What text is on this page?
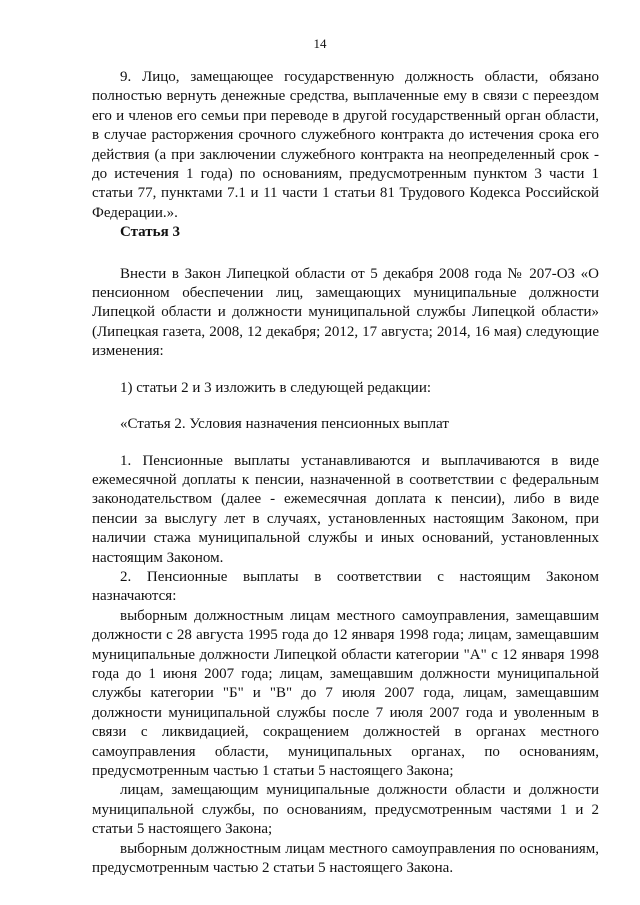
14

9. Лицо, замещающее государственную должность области, обязано полностью вернуть денежные средства, выплаченные ему в связи с переездом его и членов его семьи при переводе в другой государственный орган области, в случае расторжения срочного служебного контракта до истечения срока его действия (а при заключении служебного контракта на неопределенный срок - до истечения 1 года) по основаниям, предусмотренным пунктом 3 части 1 статьи 77, пунктами 7.1 и 11 части 1 статьи 81 Трудового Кодекса Российской Федерации.».

Статья 3

Внести в Закон Липецкой области от 5 декабря 2008 года № 207-ОЗ «О пенсионном обеспечении лиц, замещающих муниципальные должности Липецкой области и должности муниципальной службы Липецкой области» (Липецкая газета, 2008, 12 декабря; 2012, 17 августа; 2014, 16 мая) следующие изменения:

1) статьи 2 и 3 изложить в следующей редакции:

«Статья 2. Условия назначения пенсионных выплат

1. Пенсионные выплаты устанавливаются и выплачиваются в виде ежемесячной доплаты к пенсии, назначенной в соответствии с федеральным законодательством (далее - ежемесячная доплата к пенсии), либо в виде пенсии за выслугу лет в случаях, установленных настоящим Законом, при наличии стажа муниципальной службы и иных оснований, установленных настоящим Законом.

2. Пенсионные выплаты в соответствии с настоящим Законом назначаются:

выборным должностным лицам местного самоуправления, замещавшим должности с 28 августа 1995 года до 12 января 1998 года; лицам, замещавшим муниципальные должности Липецкой области категории "А" с 12 января 1998 года до 1 июня 2007 года; лицам, замещавшим должности муниципальной службы категории "Б" и "В" до 7 июля 2007 года, лицам, замещавшим должности муниципальной службы после 7 июля 2007 года и уволенным в связи с ликвидацией, сокращением должностей в органах местного самоуправления области, муниципальных органах, по основаниям, предусмотренным частью 1 статьи 5 настоящего Закона;

лицам, замещающим муниципальные должности области и должности муниципальной службы, по основаниям, предусмотренным частями 1 и 2 статьи 5 настоящего Закона;

выборным должностным лицам местного самоуправления по основаниям, предусмотренным частью 2 статьи 5 настоящего Закона.
